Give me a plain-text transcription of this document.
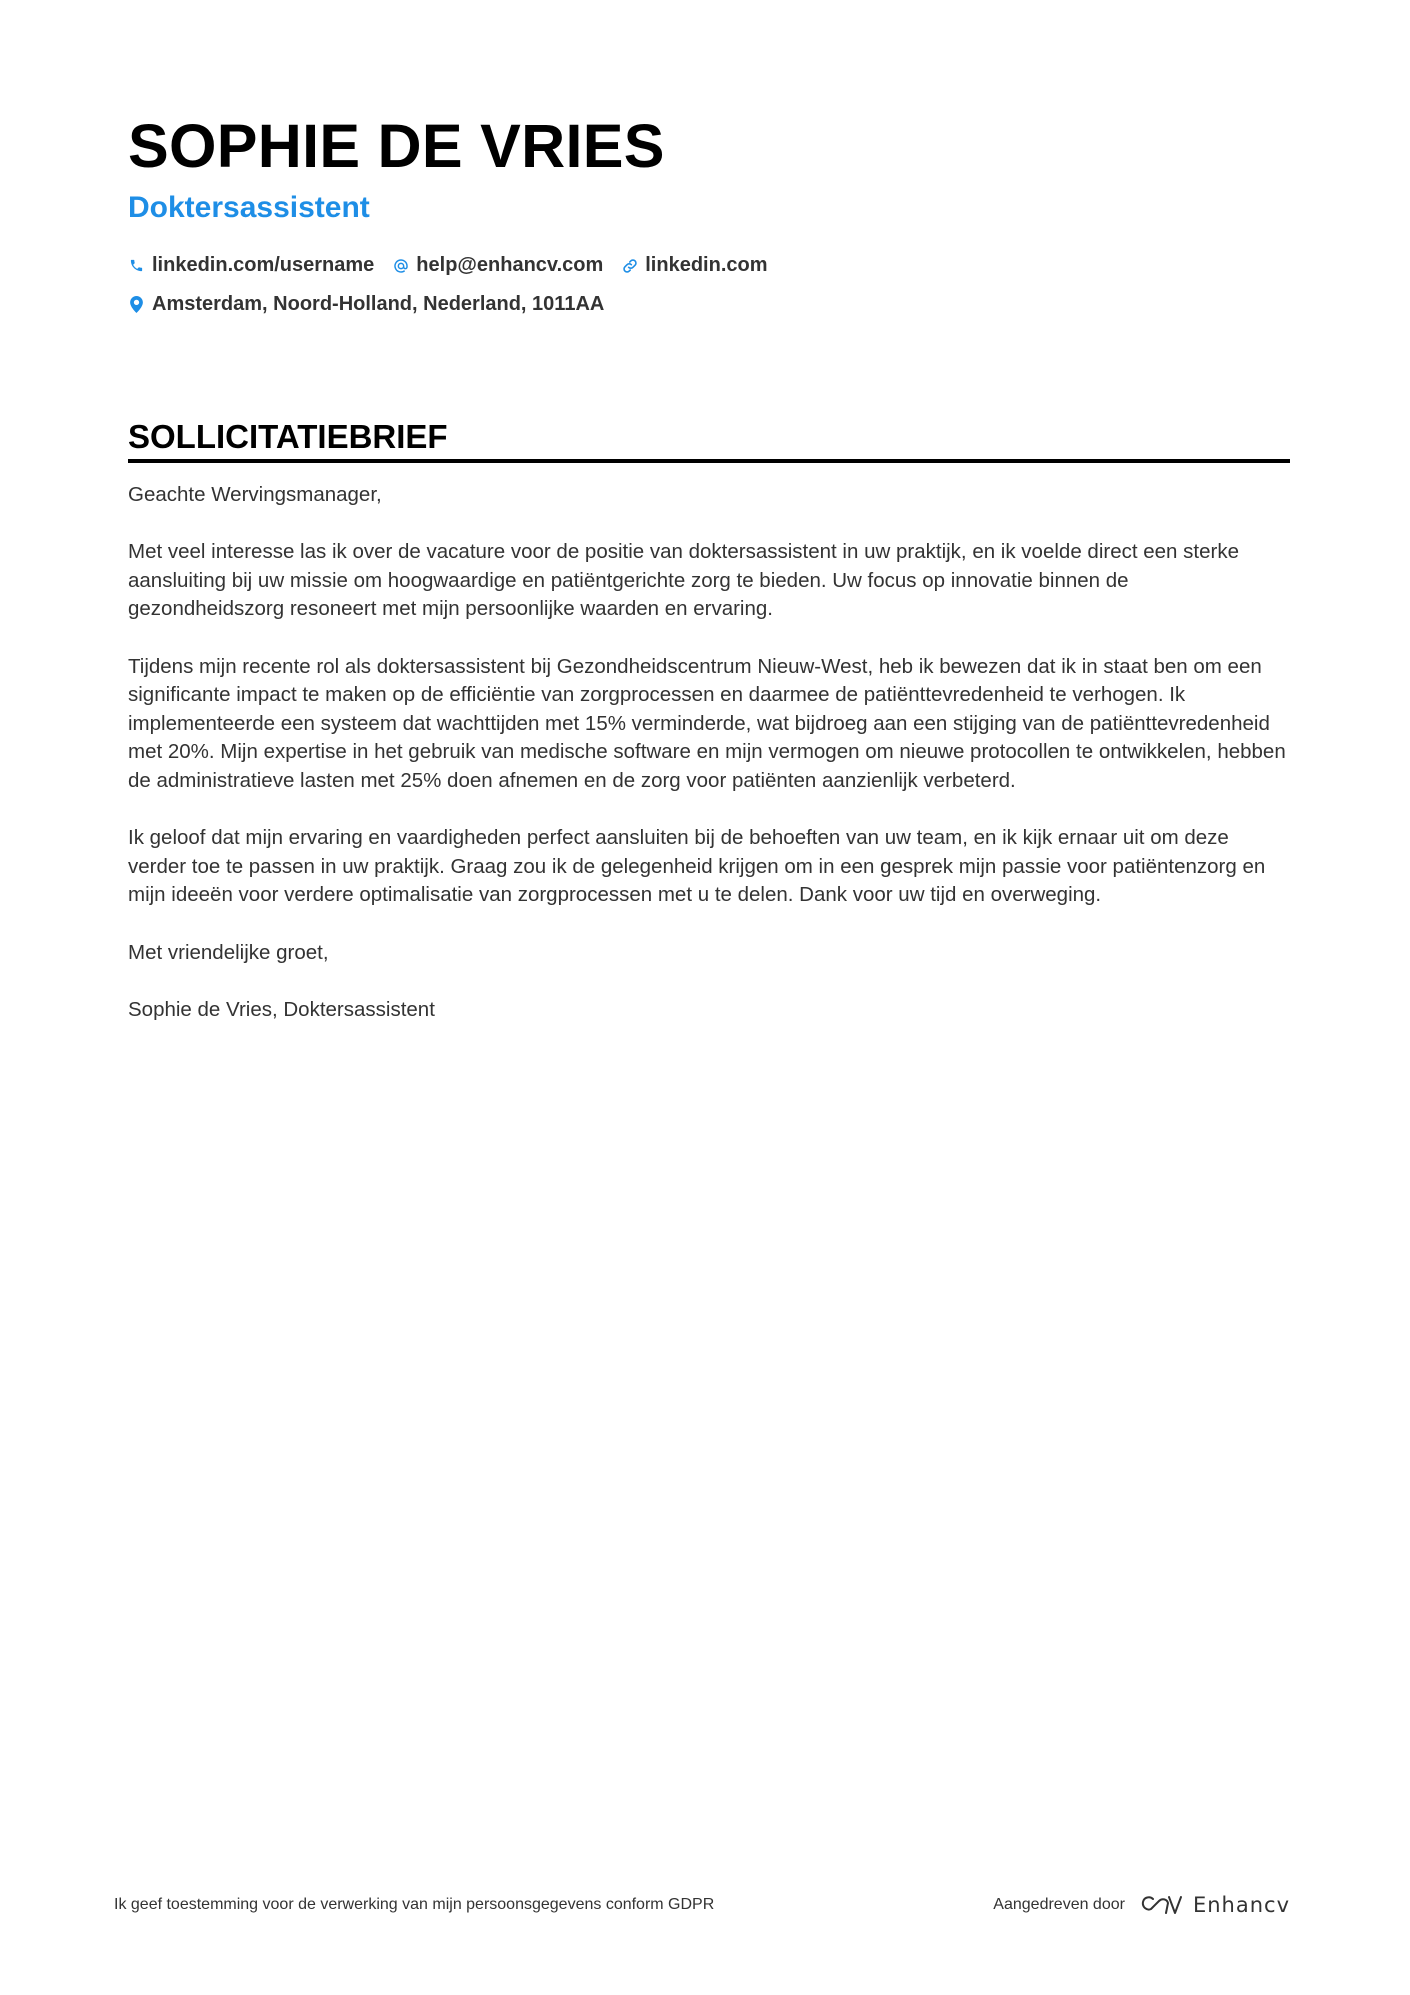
SOPHIE DE VRIES
Doktersassistent
linkedin.com/username help@enhancv.com linkedin.com
Amsterdam, Noord-Holland, Nederland, 1011AA
SOLLICITATIEBRIEF

Geachte Wervingsmanager,

Met veel interesse las ik over de vacature voor de positie van doktersassistent in uw praktijk, en ik voelde direct een sterke aansluiting bij uw missie om hoogwaardige en patiëntgerichte zorg te bieden. Uw focus op innovatie binnen de gezondheidszorg resoneert met mijn persoonlijke waarden en ervaring.

Tijdens mijn recente rol als doktersassistent bij Gezondheidscentrum Nieuw-West, heb ik bewezen dat ik in staat ben om een significante impact te maken op de efficiëntie van zorgprocessen en daarmee de patiënttevredenheid te verhogen. Ik implementeerde een systeem dat wachttijden met 15% verminderde, wat bijdroeg aan een stijging van de patiënttevredenheid met 20%. Mijn expertise in het gebruik van medische software en mijn vermogen om nieuwe protocollen te ontwikkelen, hebben de administratieve lasten met 25% doen afnemen en de zorg voor patiënten aanzienlijk verbeterd.

Ik geloof dat mijn ervaring en vaardigheden perfect aansluiten bij de behoeften van uw team, en ik kijk ernaar uit om deze verder toe te passen in uw praktijk. Graag zou ik de gelegenheid krijgen om in een gesprek mijn passie voor patiëntenzorg en mijn ideeën voor verdere optimalisatie van zorgprocessen met u te delen. Dank voor uw tijd en overweging.

Met vriendelijke groet,

Sophie de Vries, Doktersassistent

Ik geef toestemming voor de verwerking van mijn persoonsgegevens conform GDPR	Aangedreven door	Enhancv
